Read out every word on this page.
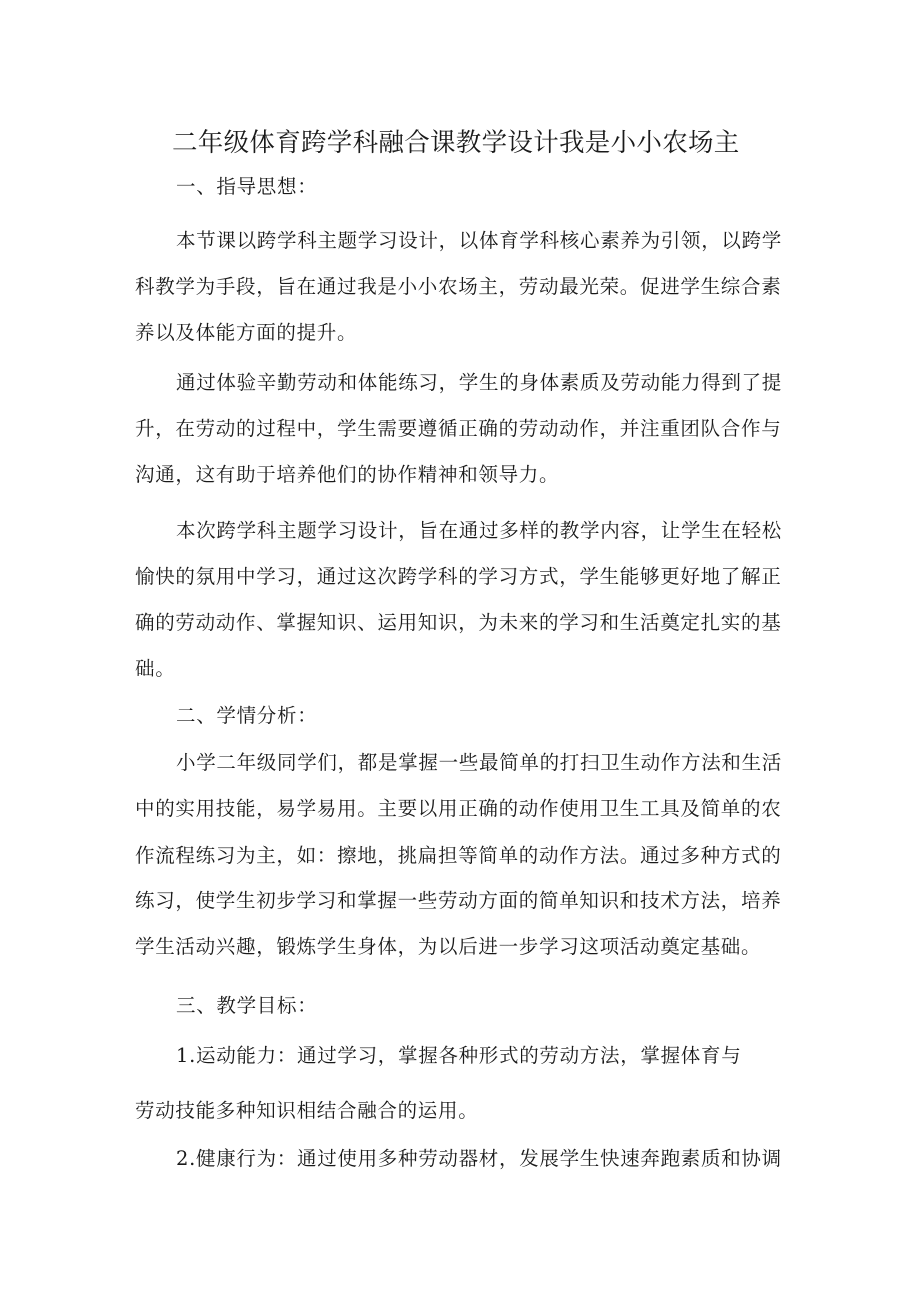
二年级体育跨学科融合课教学设计我是小小农场主
一、指导思想：
本节课以跨学科主题学习设计，以体育学科核心素养为引领，以跨学
科教学为手段，旨在通过我是小小农场主，劳动最光荣。促进学生综合素
养以及体能方面的提升。
通过体验辛勤劳动和体能练习，学生的身体素质及劳动能力得到了提
升，在劳动的过程中，学生需要遵循正确的劳动动作，并注重团队合作与
沟通，这有助于培养他们的协作精神和领导力。
本次跨学科主题学习设计，旨在通过多样的教学内容，让学生在轻松
愉快的氛用中学习，通过这次跨学科的学习方式，学生能够更好地了解正
确的劳动动作、掌握知识、运用知识，为未来的学习和生活奠定扎实的基
础。
二、学情分析：
小学二年级同学们，都是掌握一些最简单的打扫卫生动作方法和生活
中的实用技能，易学易用。主要以用正确的动作使用卫生工具及简单的农
作流程练习为主，如：擦地，挑扁担等简单的动作方法。通过多种方式的
练习，使学生初步学习和掌握一些劳动方面的简单知识和技术方法，培养
学生活动兴趣，锻炼学生身体，为以后进一步学习这项活动奠定基础。
三、教学目标：
1.运动能力：通过学习，掌握各种形式的劳动方法，掌握体育与
劳动技能多种知识相结合融合的运用。
2.健康行为：通过使用多种劳动器材，发展学生快速奔跑素质和协调
